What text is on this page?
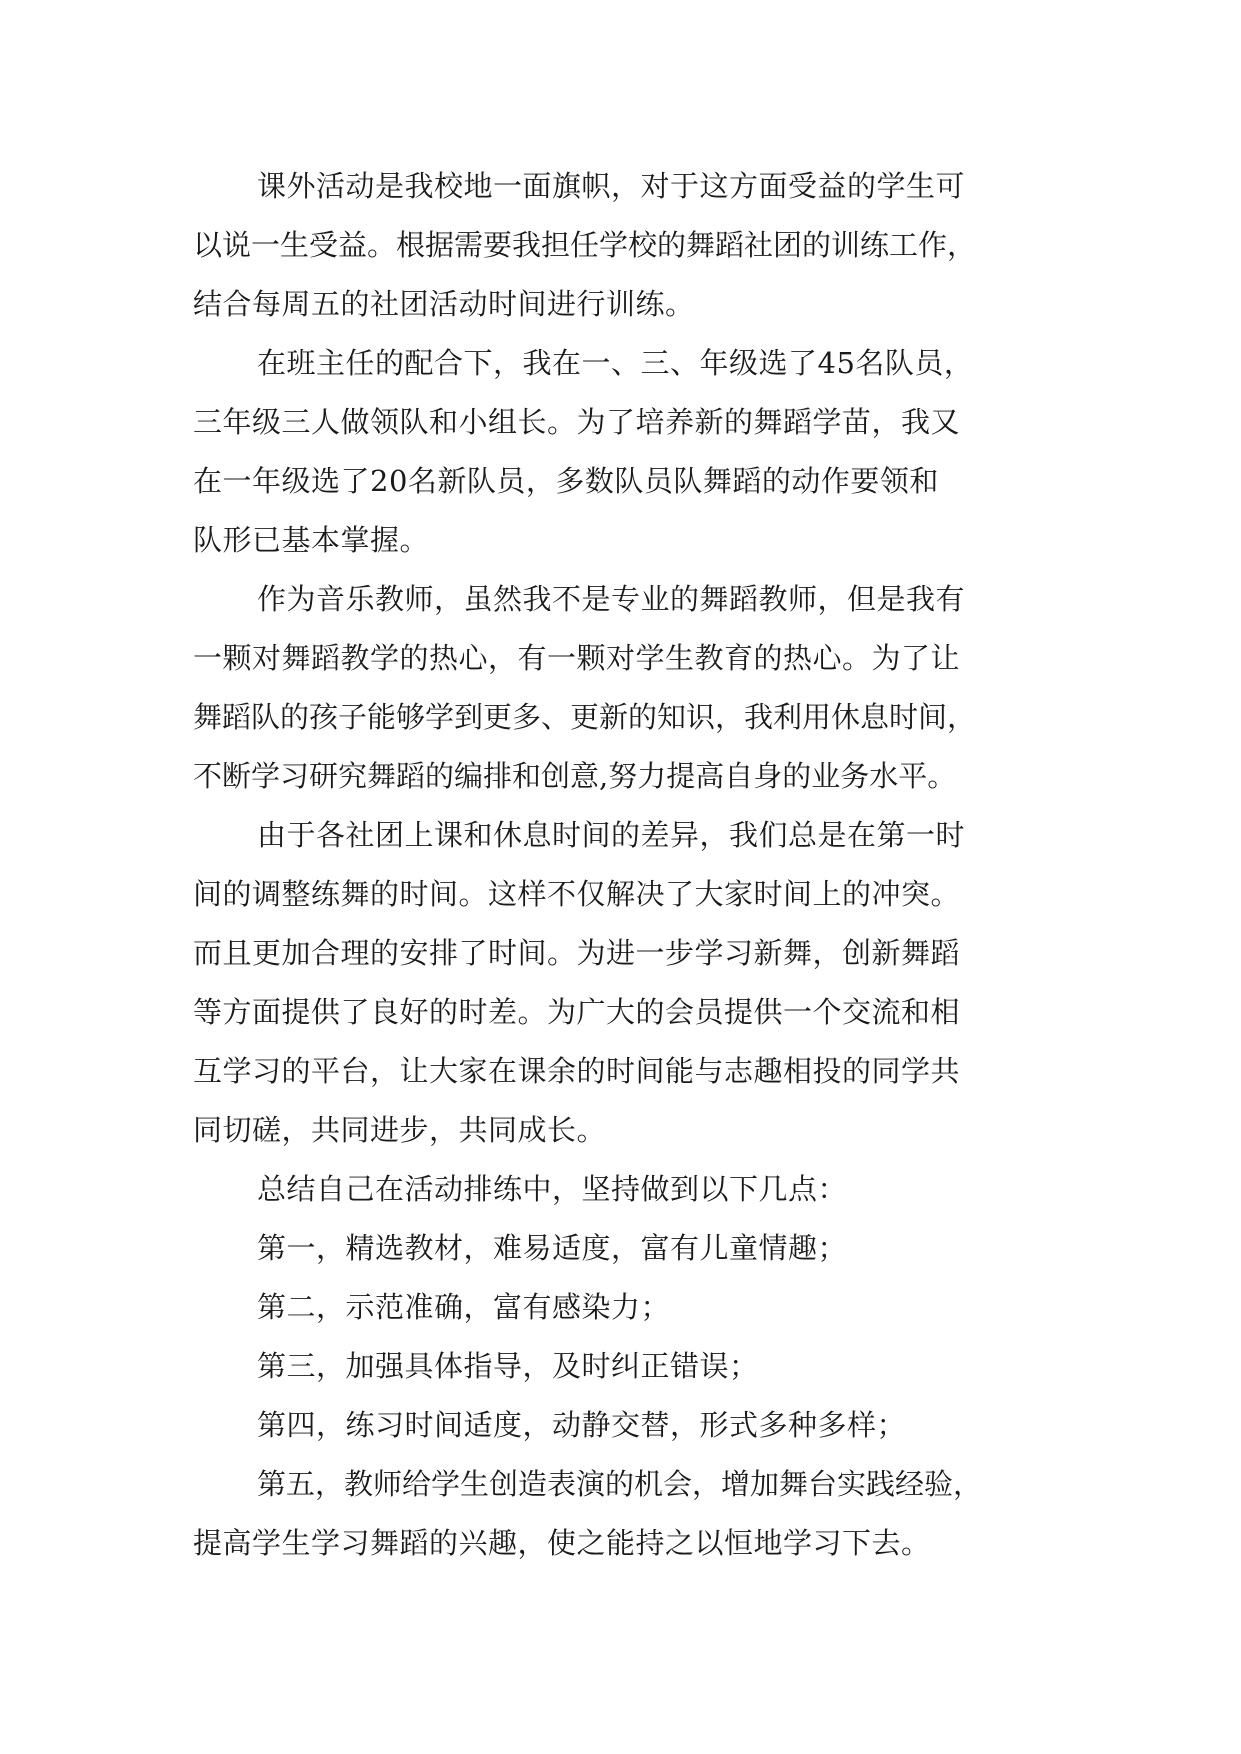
课外活动是我校地一面旗帜，对于这方面受益的学生可
以说一生受益。根据需要我担任学校的舞蹈社团的训练工作，
结合每周五的社团活动时间进行训练。
在班主任的配合下，我在一、三、年级选了45名队员，
三年级三人做领队和小组长。为了培养新的舞蹈学苗，我又
在一年级选了20名新队员，多数队员队舞蹈的动作要领和
队形已基本掌握。
作为音乐教师，虽然我不是专业的舞蹈教师，但是我有
一颗对舞蹈教学的热心，有一颗对学生教育的热心。为了让
舞蹈队的孩子能够学到更多、更新的知识，我利用休息时间，
不断学习研究舞蹈的编排和创意,努力提高自身的业务水平。
由于各社团上课和休息时间的差异，我们总是在第一时
间的调整练舞的时间。这样不仅解决了大家时间上的冲突。
而且更加合理的安排了时间。为进一步学习新舞，创新舞蹈
等方面提供了良好的时差。为广大的会员提供一个交流和相
互学习的平台，让大家在课余的时间能与志趣相投的同学共
同切磋，共同进步，共同成长。
总结自己在活动排练中，坚持做到以下几点：
第一，精选教材，难易适度，富有儿童情趣；
第二，示范准确，富有感染力；
第三，加强具体指导，及时纠正错误；
第四，练习时间适度，动静交替，形式多种多样；
第五，教师给学生创造表演的机会，增加舞台实践经验，
提高学生学习舞蹈的兴趣，使之能持之以恒地学习下去。
